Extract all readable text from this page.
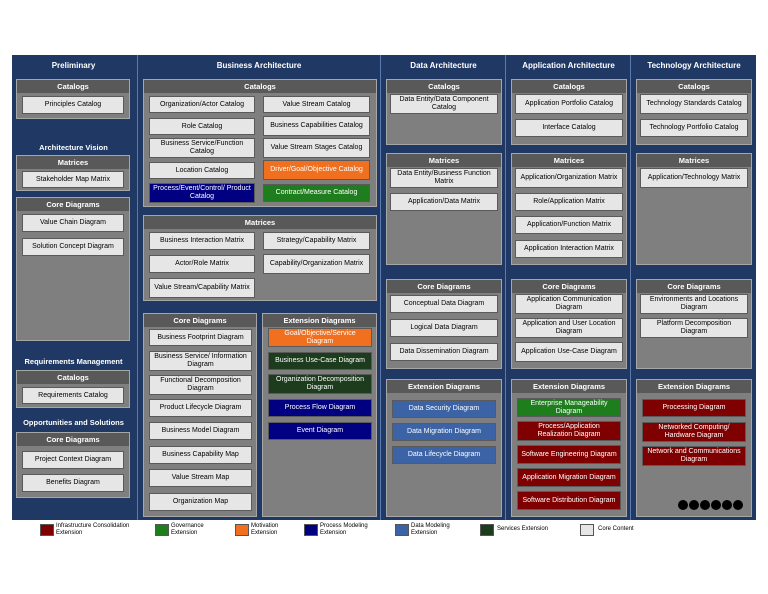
Preliminary
Catalogs
Principles Catalog
Architecture Vision
Matrices
Stakeholder Map Matrix
Core Diagrams
Value Chain Diagram
Solution Concept Diagram
Requirements Management
Catalogs
Requirements Catalog
Opportunities and Solutions
Core Diagrams
Project Context Diagram
Benefits Diagram
Business Architecture
Catalogs
Organization/Actor Catalog	Value Stream Catalog
Role Catalog	Business Capabilities Catalog
Business Service/Function Catalog
Value Stream Stages Catalog
Location Catalog	Driver/Goal/Objective Catalog
Process/Event/Control/ Product Catalog
Contract/Measure Catalog
Matrices
Business Interaction Matrix	Strategy/Capability Matrix
Actor/Role Matrix	Capability/Organization Matrix
Value Stream/Capability Matrix
Core Diagrams
Business Footprint Diagram
Business Service/ Information Diagram
Functional Decomposition Diagram
Product Lifecycle Diagram
Business Model Diagram
Business Capability Map
Value Stream Map
Organization Map
Extension Diagrams
Goal/Objective/Service Diagram
Business Use-Case Diagram
Organization Decomposition Diagram
Process Flow Diagram
Event Diagram
Data Architecture
Catalogs
Data Entity/Data Component Catalog
Matrices
Data Entity/Business Function Matrix
Application/Data Matrix
Core Diagrams
Conceptual Data Diagram
Logical Data Diagram
Data Dissemination Diagram
Extension Diagrams
Data Security Diagram
Data Migration Diagram
Data Lifecycle Diagram
Application Architecture
Catalogs
Application Portfolio Catalog
Interface Catalog
Matrices
Application/Organization Matrix
Role/Application Matrix
Application/Function Matrix
Application Interaction Matrix
Core Diagrams
Application Communication Diagram
Application and User Location Diagram
Application Use-Case Diagram
Extension Diagrams
Enterprise Manageability Diagram
Process/Application Realization Diagram
Software Engineering Diagram
Application Migration Diagram
Software Distribution Diagram
Technology Architecture
Catalogs
Technology Standards Catalog
Technology Portfolio Catalog
Matrices
Application/Technology Matrix
Core Diagrams
Environments and Locations Diagram
Platform Decomposition Diagram
Extension Diagrams
Processing Diagram
Networked Computing/ Hardware Diagram
Network and Communications Diagram
Infrastructure Consolidation Extension
Governance Extension
Motivation Extension
Process Modeling Extension
Data Modeling Extension
Services Extension	Core Content
